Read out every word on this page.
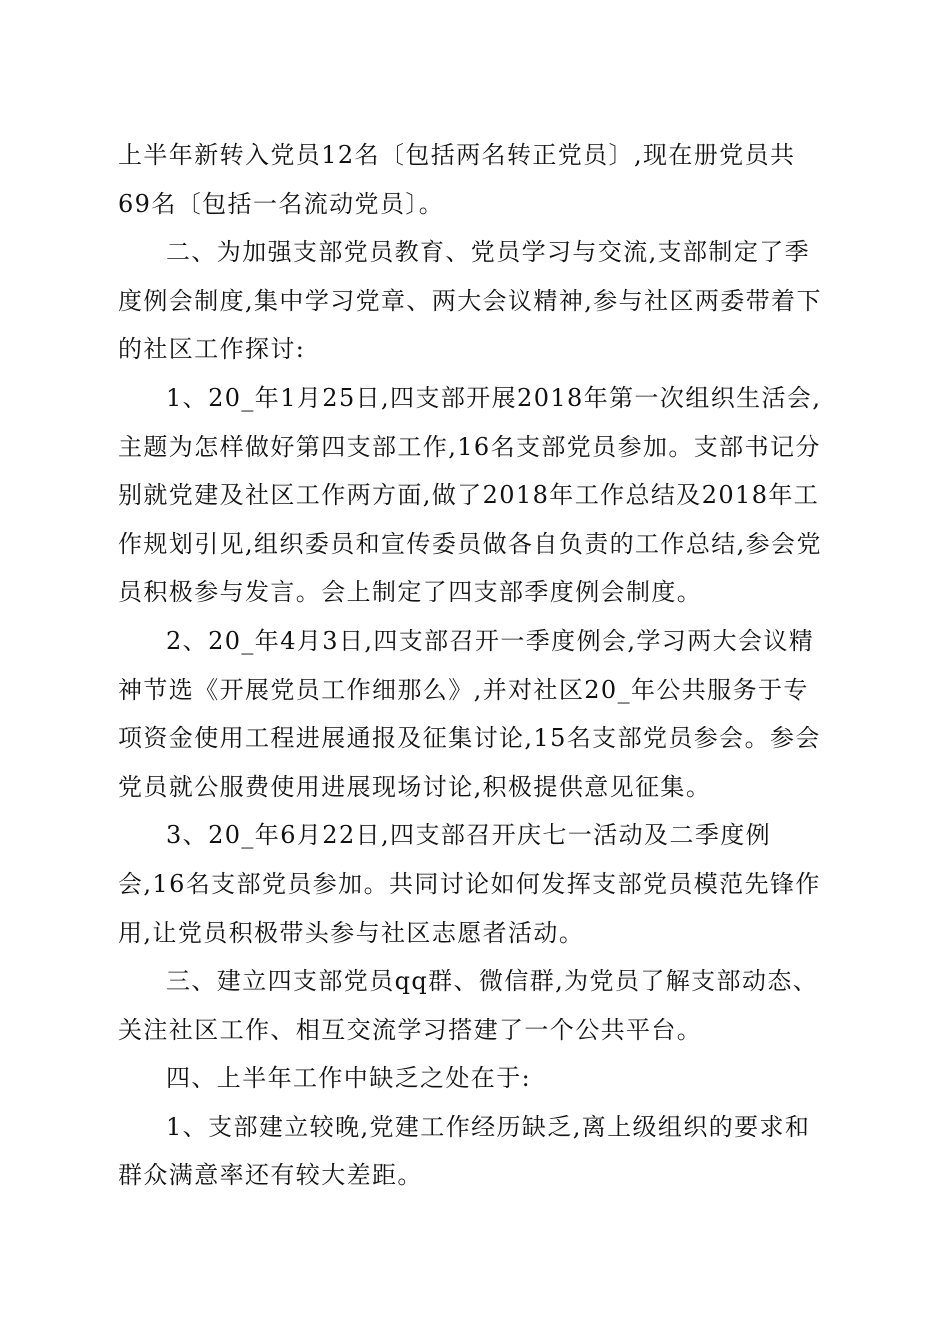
上半年新转入党员12名〔包括两名转正党员〕,现在册党员共
69名〔包括一名流动党员〕。
二、为加强支部党员教育、党员学习与交流,支部制定了季
度例会制度,集中学习党章、两大会议精神,参与社区两委带着下
的社区工作探讨:
1、20_年1月25日,四支部开展2018年第一次组织生活会,
主题为怎样做好第四支部工作,16名支部党员参加。支部书记分
别就党建及社区工作两方面,做了2018年工作总结及2018年工
作规划引见,组织委员和宣传委员做各自负责的工作总结,参会党
员积极参与发言。会上制定了四支部季度例会制度。
2、20_年4月3日,四支部召开一季度例会,学习两大会议精
神节选《开展党员工作细那么》,并对社区20_年公共服务于专
项资金使用工程进展通报及征集讨论,15名支部党员参会。参会
党员就公服费使用进展现场讨论,积极提供意见征集。
3、20_年6月22日,四支部召开庆七一活动及二季度例
会,16名支部党员参加。共同讨论如何发挥支部党员模范先锋作
用,让党员积极带头参与社区志愿者活动。
三、建立四支部党员qq群、微信群,为党员了解支部动态、
关注社区工作、相互交流学习搭建了一个公共平台。
四、上半年工作中缺乏之处在于:
1、支部建立较晚,党建工作经历缺乏,离上级组织的要求和
群众满意率还有较大差距。
